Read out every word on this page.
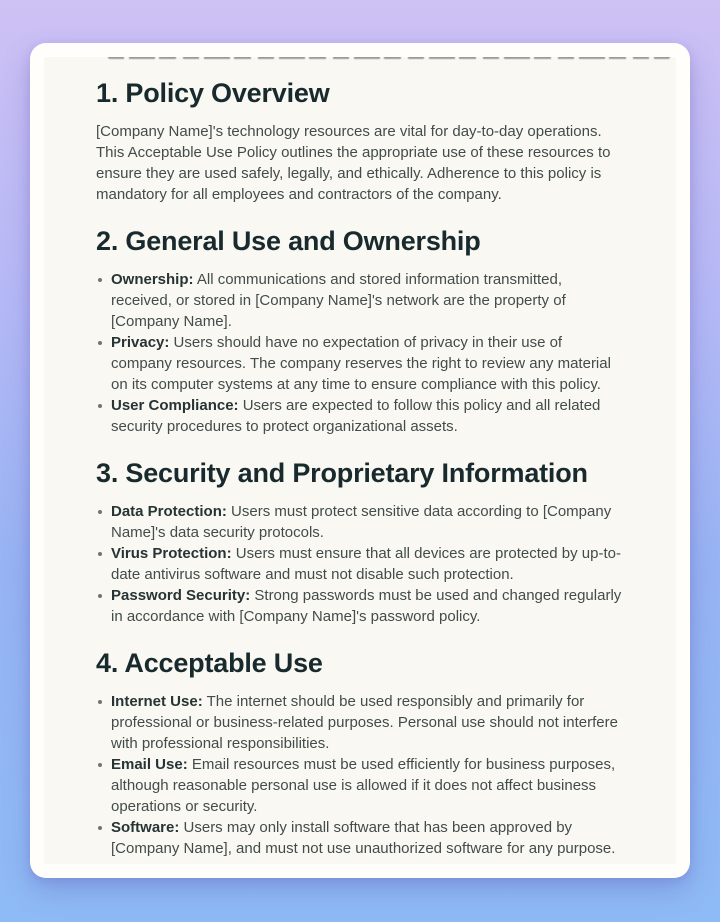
1. Policy Overview

[Company Name]'s technology resources are vital for day-to-day operations. This Acceptable Use Policy outlines the appropriate use of these resources to ensure they are used safely, legally, and ethically. Adherence to this policy is mandatory for all employees and contractors of the company.

2. General Use and Ownership
Ownership: All communications and stored information transmitted, received, or stored in [Company Name]'s network are the property of [Company Name].
Privacy: Users should have no expectation of privacy in their use of company resources. The company reserves the right to review any material on its computer systems at any time to ensure compliance with this policy.
User Compliance: Users are expected to follow this policy and all related security procedures to protect organizational assets.
3. Security and Proprietary Information
Data Protection: Users must protect sensitive data according to [Company Name]'s data security protocols.
Virus Protection: Users must ensure that all devices are protected by up-to-date antivirus software and must not disable such protection.
Password Security: Strong passwords must be used and changed regularly in accordance with [Company Name]'s password policy.
4. Acceptable Use
Internet Use: The internet should be used responsibly and primarily for professional or business-related purposes. Personal use should not interfere with professional responsibilities.
Email Use: Email resources must be used efficiently for business purposes, although reasonable personal use is allowed if it does not affect business operations or security.
Software: Users may only install software that has been approved by [Company Name], and must not use unauthorized software for any purpose.
